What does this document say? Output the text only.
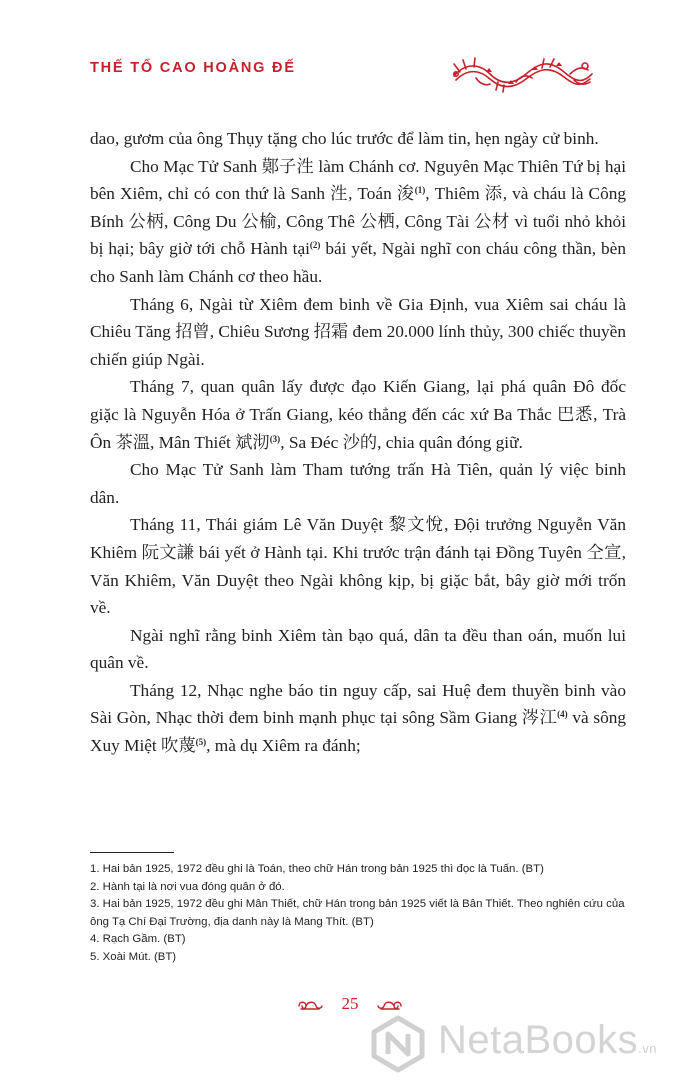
THẾ TỔ CAO HOÀNG ĐẾ

dao, gươm của ông Thụy tặng cho lúc trước để làm tin, hẹn ngày cử binh.

Cho Mạc Tử Sanh 鄚子泩 làm Chánh cơ. Nguyên Mạc Thiên Tứ bị hại bên Xiêm, chỉ có con thứ là Sanh 泩, Toán 浚$^{(1)}$, Thiêm 添, và cháu là Công Bính 公柄, Công Du 公榆, Công Thê 公栖, Công Tài 公材 vì tuổi nhỏ khỏi bị hại; bây giờ tới chỗ Hành tại$^{(2)}$ bái yết, Ngài nghĩ con cháu công thần, bèn cho Sanh làm Chánh cơ theo hầu.

Tháng 6, Ngài từ Xiêm đem binh về Gia Định, vua Xiêm sai cháu là Chiêu Tăng 招曾, Chiêu Sương 招霜 đem 20.000 lính thủy, 300 chiếc thuyền chiến giúp Ngài.

Tháng 7, quan quân lấy được đạo Kiến Giang, lại phá quân Đô đốc giặc là Nguyễn Hóa ở Trấn Giang, kéo thẳng đến các xứ Ba Thắc 巴悉, Trà Ôn 茶溫, Mân Thiết 斌沏$^{(3)}$, Sa Đéc 沙的, chia quân đóng giữ.

Cho Mạc Tử Sanh làm Tham tướng trấn Hà Tiên, quản lý việc binh dân.

Tháng 11, Thái giám Lê Văn Duyệt 黎文悅, Đội trưởng Nguyễn Văn Khiêm 阮文謙 bái yết ở Hành tại. Khi trước trận đánh tại Đồng Tuyên 仝宣, Văn Khiêm, Văn Duyệt theo Ngài không kịp, bị giặc bắt, bây giờ mới trốn về.

Ngài nghĩ rằng binh Xiêm tàn bạo quá, dân ta đều than oán, muốn lui quân về.

Tháng 12, Nhạc nghe báo tin nguy cấp, sai Huệ đem thuyền binh vào Sài Gòn, Nhạc thời đem binh mạnh phục tại sông Sầm Giang 涔江$^{(4)}$ và sông Xuy Miệt 吹蔑$^{(5)}$, mà dụ Xiêm ra đánh;

1. Hai bản 1925, 1972 đều ghi là Toán, theo chữ Hán trong bản 1925 thì đọc là Tuấn. (BT)

2. Hành tại là nơi vua đóng quân ở đó.

3. Hai bản 1925, 1972 đều ghi Mân Thiết, chữ Hán trong bản 1925 viết là Bân Thiết. Theo nghiên cứu của ông Tạ Chí Đại Trường, địa danh này là Mang Thít. (BT)

4. Rạch Gầm. (BT)

5. Xoài Mút. (BT)

25
NetaBooks.vn
